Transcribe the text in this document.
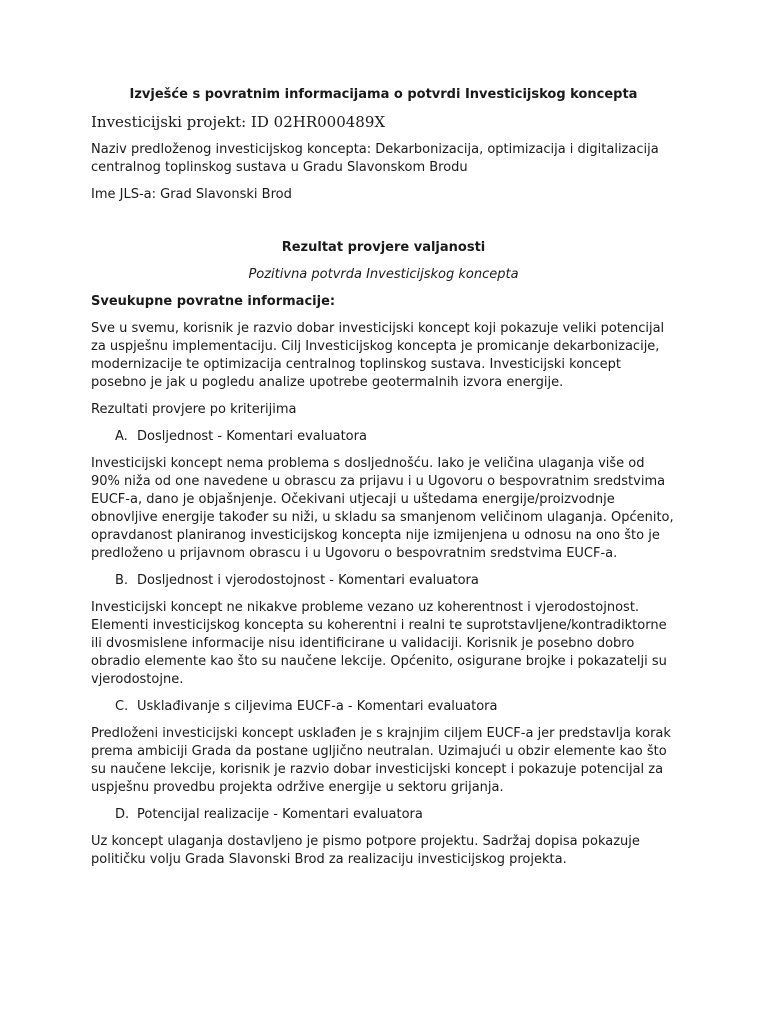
Izvješće s povratnim informacijama o potvrdi Investicijskog koncepta

Investicijski projekt: ID 02HR000489X

Naziv predloženog investicijskog koncepta: Dekarbonizacija, optimizacija i digitalizacija centralnog toplinskog sustava u Gradu Slavonskom Brodu

Ime JLS-a: Grad Slavonski Brod

Rezultat provjere valjanosti

Pozitivna potvrda Investicijskog koncepta

Sveukupne povratne informacije:

Sve u svemu, korisnik je razvio dobar investicijski koncept koji pokazuje veliki potencijal za uspješnu implementaciju. Cilj Investicijskog koncepta je promicanje dekarbonizacije, modernizacije te optimizacija centralnog toplinskog sustava. Investicijski koncept posebno je jak u pogledu analize upotrebe geotermalnih izvora energije.

Rezultati provjere po kriterijima

A. Dosljednost - Komentari evaluatora

Investicijski koncept nema problema s dosljednošću. Iako je veličina ulaganja više od 90% niža od one navedene u obrascu za prijavu i u Ugovoru o bespovratnim sredstvima EUCF-a, dano je objašnjenje. Očekivani utjecaji u uštedama energije/proizvodnje obnovljive energije također su niži, u skladu sa smanjenom veličinom ulaganja. Općenito, opravdanost planiranog investicijskog koncepta nije izmijenjena u odnosu na ono što je predloženo u prijavnom obrascu i u Ugovoru o bespovratnim sredstvima EUCF-a.

B. Dosljednost i vjerodostojnost - Komentari evaluatora

Investicijski koncept ne nikakve probleme vezano uz koherentnost i vjerodostojnost. Elementi investicijskog koncepta su koherentni i realni te suprotstavljene/kontradiktorne ili dvosmislene informacije nisu identificirane u validaciji. Korisnik je posebno dobro obradio elemente kao što su naučene lekcije. Općenito, osigurane brojke i pokazatelji su vjerodostojne.

C. Usklađivanje s ciljevima EUCF-a - Komentari evaluatora

Predloženi investicijski koncept usklađen je s krajnjim ciljem EUCF-a jer predstavlja korak prema ambiciji Grada da postane ugljično neutralan. Uzimajući u obzir elemente kao što su naučene lekcije, korisnik je razvio dobar investicijski koncept i pokazuje potencijal za uspješnu provedbu projekta održive energije u sektoru grijanja.

D. Potencijal realizacije - Komentari evaluatora

Uz koncept ulaganja dostavljeno je pismo potpore projektu. Sadržaj dopisa pokazuje političku volju Grada Slavonski Brod za realizaciju investicijskog projekta.
